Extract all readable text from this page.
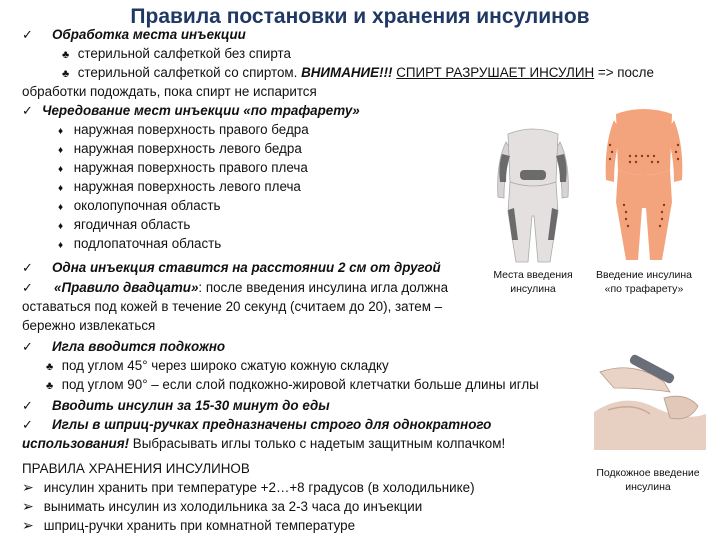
Правила постановки и хранения инсулинов
✓ Обработка места инъекции
♣ стерильной салфеткой без спирта
♣ стерильной салфеткой со спиртом. ВНИМАНИЕ!!! СПИРТ РАЗРУШАЕТ ИНСУЛИН => после
обработки подождать, пока спирт не испарится
✓ Чередование мест инъекции «по трафарету»
♦ наружная поверхность правого бедра
♦ наружная поверхность левого бедра
♦ наружная поверхность правого плеча
♦ наружная поверхность левого плеча
♦ околопупочная область
♦ ягодичная область
♦ подлопаточная область
✓ Одна инъекция ставится на расстоянии 2 см от другой
✓ «Правило двадцати»: после введения инсулина игла должна
оставаться под кожей в течение 20 секунд (считаем до 20), затем –
бережно извлекаться
✓ Игла вводится подкожно
♣ под углом 45° через широко сжатую кожную складку
♣ под углом 90° – если слой подкожно-жировой клетчатки больше длины иглы
✓ Вводить инсулин за 15-30 минут до еды
✓ Иглы в шприц-ручках предназначены строго для однократного
использования! Выбрасывать иглы только с надетым защитным колпачком!
ПРАВИЛА ХРАНЕНИЯ ИНСУЛИНОВ
➢ инсулин хранить при температуре +2…+8 градусов (в холодильнике)
➢ вынимать инсулин из холодильника за 2-3 часа до инъекции
➢ шприц-ручки хранить при комнатной температуре
Места введения
инсулина
Введение инсулина
«по трафарету»
Подкожное введение
инсулина
